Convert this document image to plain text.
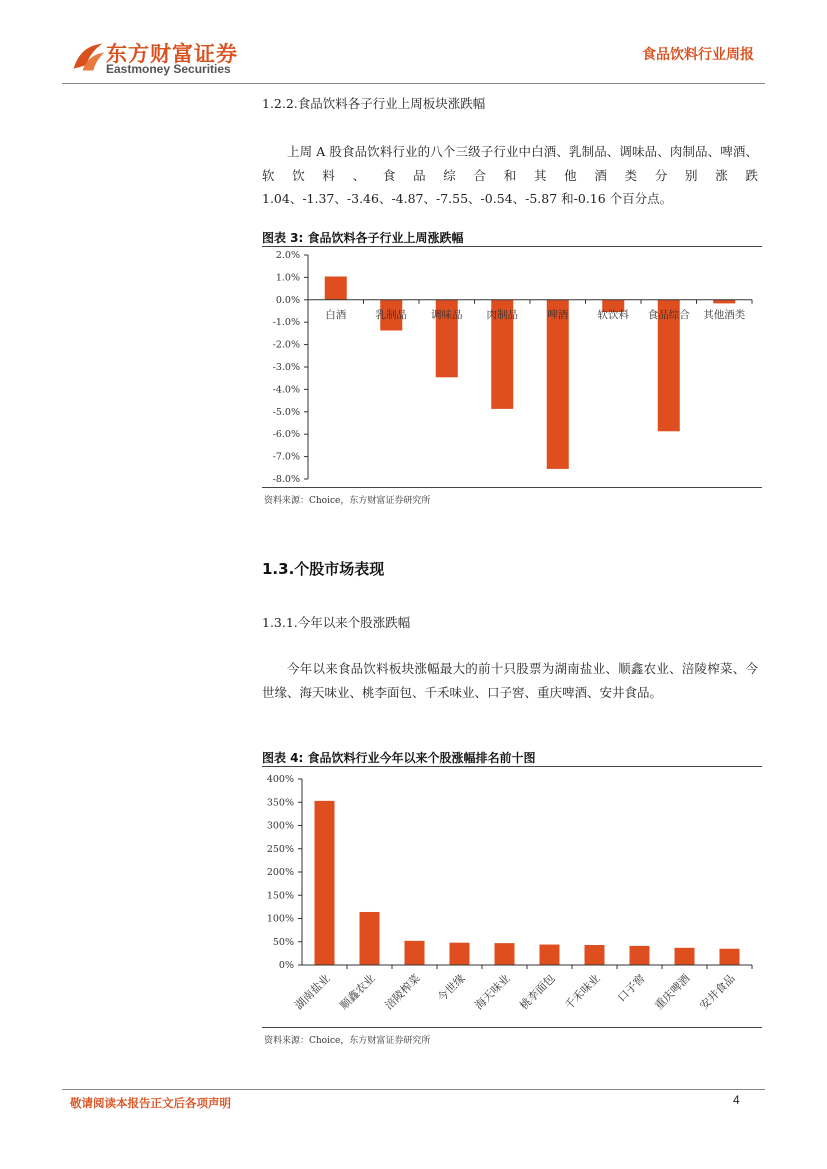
东方财富证券
Eastmoney Securities
食品饮料行业周报
1.2.2.食品饮料各子行业上周板块涨跌幅
上周 A 股食品饮料行业的八个三级子行业中白酒、乳制品、调味品、肉制品、啤酒、软饮料、食品综合和其他酒类分别涨跌 1.04、-1.37、-3.46、-4.87、-7.55、-0.54、-5.87 和-0.16 个百分点。
图表 3: 食品饮料各子行业上周涨跌幅
2.0%
1.0%
0.0%
-1.0%
-2.0%
-3.0%
-4.0%
-5.0%
-6.0%
-7.0%
-8.0%
白酒	乳制品 调味品 肉制品	啤酒	软饮料 食品综合 其他酒类
资料来源：Choice，东方财富证券研究所
1.3.个股市场表现
1.3.1.今年以来个股涨跌幅
今年以来食品饮料板块涨幅最大的前十只股票为湖南盐业、顺鑫农业、涪陵榨菜、今世缘、海天味业、桃李面包、千禾味业、口子窖、重庆啤酒、安井食品。
图表 4: 食品饮料行业今年以来个股涨幅排名前十图
400%
350%
300%
250%
200%
150%
100%
50%
0%
湖南盐业 顺鑫农业 涪陵榨菜 今世缘 海天味业 桃李面包 千禾味业 口子窖 重庆啤酒 安井食品
资料来源：Choice，东方财富证券研究所
敬请阅读本报告正文后各项声明	4
